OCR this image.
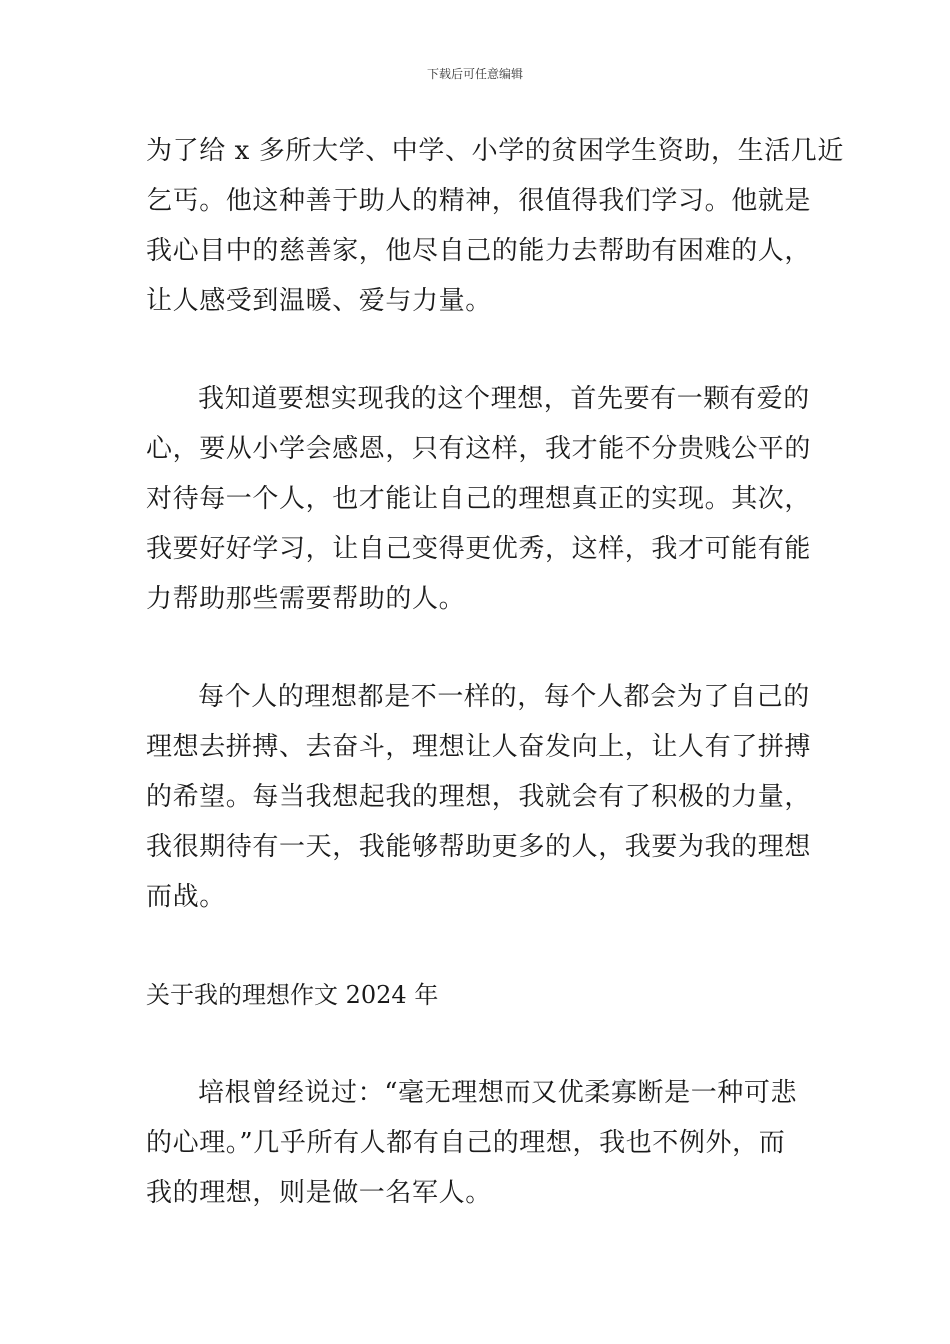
下载后可任意编辑
为了给 x 多所大学、中学、小学的贫困学生资助，生活几近
乞丐。他这种善于助人的精神，很值得我们学习。他就是
我心目中的慈善家，他尽自己的能力去帮助有困难的人，
让人感受到温暖、爱与力量。
我知道要想实现我的这个理想，首先要有一颗有爱的
心，要从小学会感恩，只有这样，我才能不分贵贱公平的
对待每一个人，也才能让自己的理想真正的实现。其次，
我要好好学习，让自己变得更优秀，这样，我才可能有能
力帮助那些需要帮助的人。
每个人的理想都是不一样的，每个人都会为了自己的
理想去拼搏、去奋斗，理想让人奋发向上，让人有了拼搏
的希望。每当我想起我的理想，我就会有了积极的力量，
我很期待有一天，我能够帮助更多的人，我要为我的理想
而战。
关于我的理想作文 2024 年
培根曾经说过：“毫无理想而又优柔寡断是一种可悲
的心理。”几乎所有人都有自己的理想，我也不例外，而
我的理想，则是做一名军人。
